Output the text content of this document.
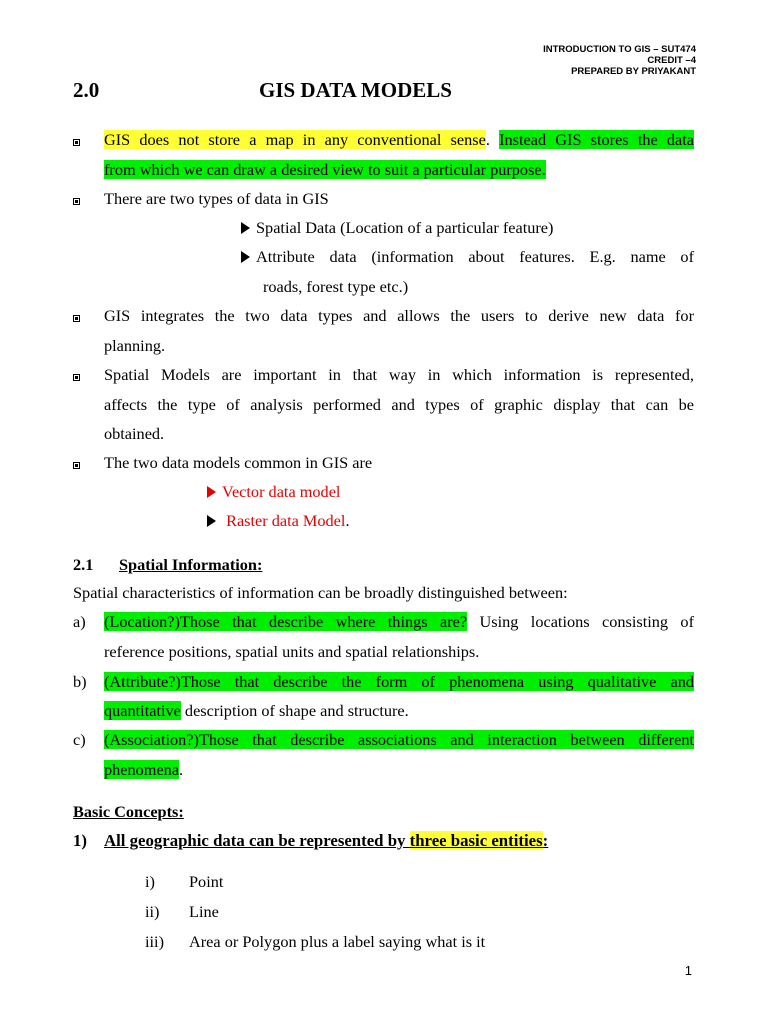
INTRODUCTION TO GIS – SUT474
CREDIT –4
PREPARED BY PRIYAKANT
2.0	GIS DATA MODELS
GIS does not store a map in any conventional sense. Instead GIS stores the data
from which we can draw a desired view to suit a particular purpose.
There are two types of data in GIS
Spatial Data (Location of a particular feature)
Attribute data (information about features. E.g. name of
roads, forest type etc.)
GIS integrates the two data types and allows the users to derive new data for
planning.
Spatial Models are important in that way in which information is represented,
affects the type of analysis performed and types of graphic display that can be
obtained.
The two data models common in GIS are
Vector data model
Raster data Model.
2.1 Spatial Information:
Spatial characteristics of information can be broadly distinguished between:
a) (Location?)Those that describe where things are? Using locations consisting of
reference positions, spatial units and spatial relationships.
b) (Attribute?)Those that describe the form of phenomena using qualitative and
quantitative description of shape and structure.
c) (Association?)Those that describe associations and interaction between different
phenomena.
Basic Concepts:
1) All geographic data can be represented by three basic entities:
i) Point
ii) Line
iii) Area or Polygon plus a label saying what is it
1
